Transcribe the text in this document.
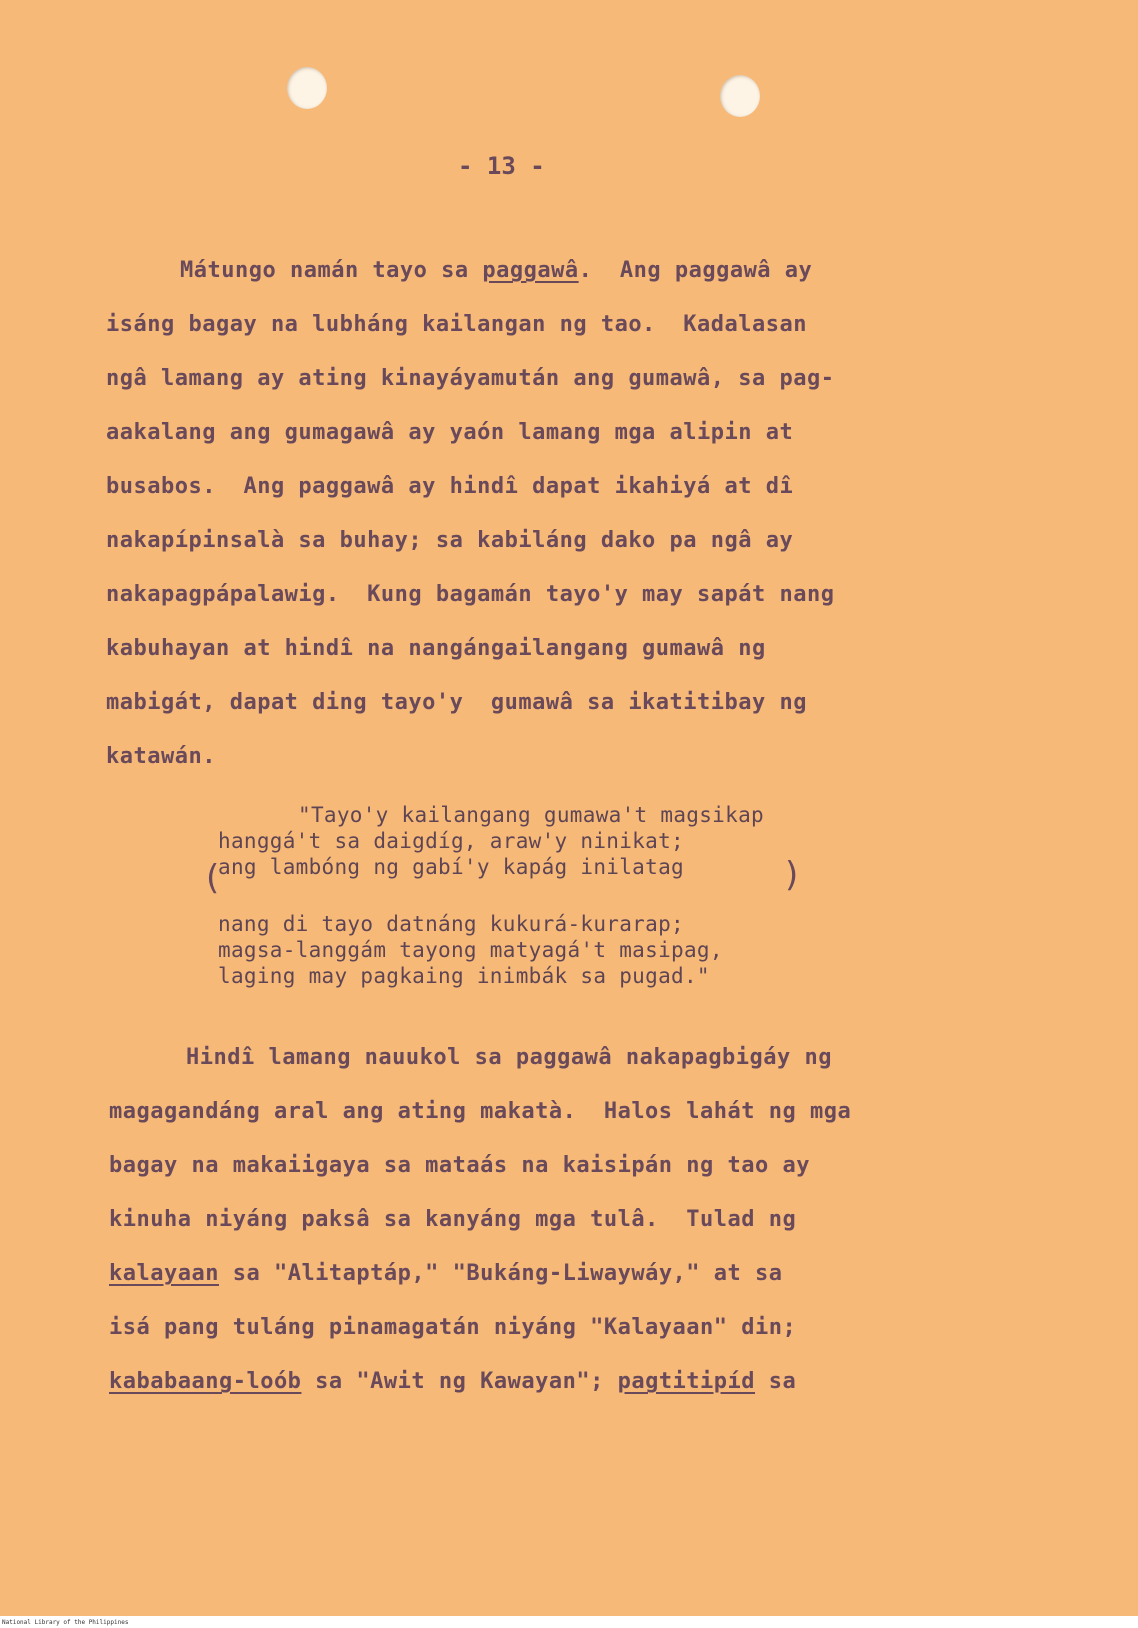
- 13 -
Mátungo namán tayo sa paggawâ.  Ang paggawâ ay
isáng bagay na lubháng kailangan ng tao.  Kadalasan
ngâ lamang ay ating kinayáyamután ang gumawâ, sa pag-
aakalang ang gumagawâ ay yaón lamang mga alipin at
busabos.  Ang paggawâ ay hindî dapat ikahiyá at dî
nakapípinsalà sa buhay; sa kabiláng dako pa ngâ ay
nakapagpápalawig.  Kung bagamán tayo'y may sapát nang
kabuhayan at hindî na nangángailangang gumawâ ng
mabigát, dapat ding tayo'y  gumawâ sa ikatitibay ng
katawán.
(	)
"Tayo'y kailangang gumawa't magsikap
hanggá't sa daigdíg, araw'y ninikat;
ang lambóng ng gabí'y kapág inilatag
nang di tayo datnáng kukurá-kurarap;
magsa-langgám tayong matyagá't masipag,
laging may pagkaing inimbák sa pugad."
Hindî lamang nauukol sa paggawâ nakapagbigáy ng
magagandáng aral ang ating makatà.  Halos lahát ng mga
bagay na makaiigaya sa mataás na kaisipán ng tao ay
kinuha niyáng paksâ sa kanyáng mga tulâ.  Tulad ng
kalayaan sa "Alitaptáp," "Bukáng-Liwaywáy," at sa
isá pang tuláng pinamagatán niyáng "Kalayaan" din;
kababaang-loób sa "Awit ng Kawayan"; pagtitipíd sa
National Library of the Philippines
